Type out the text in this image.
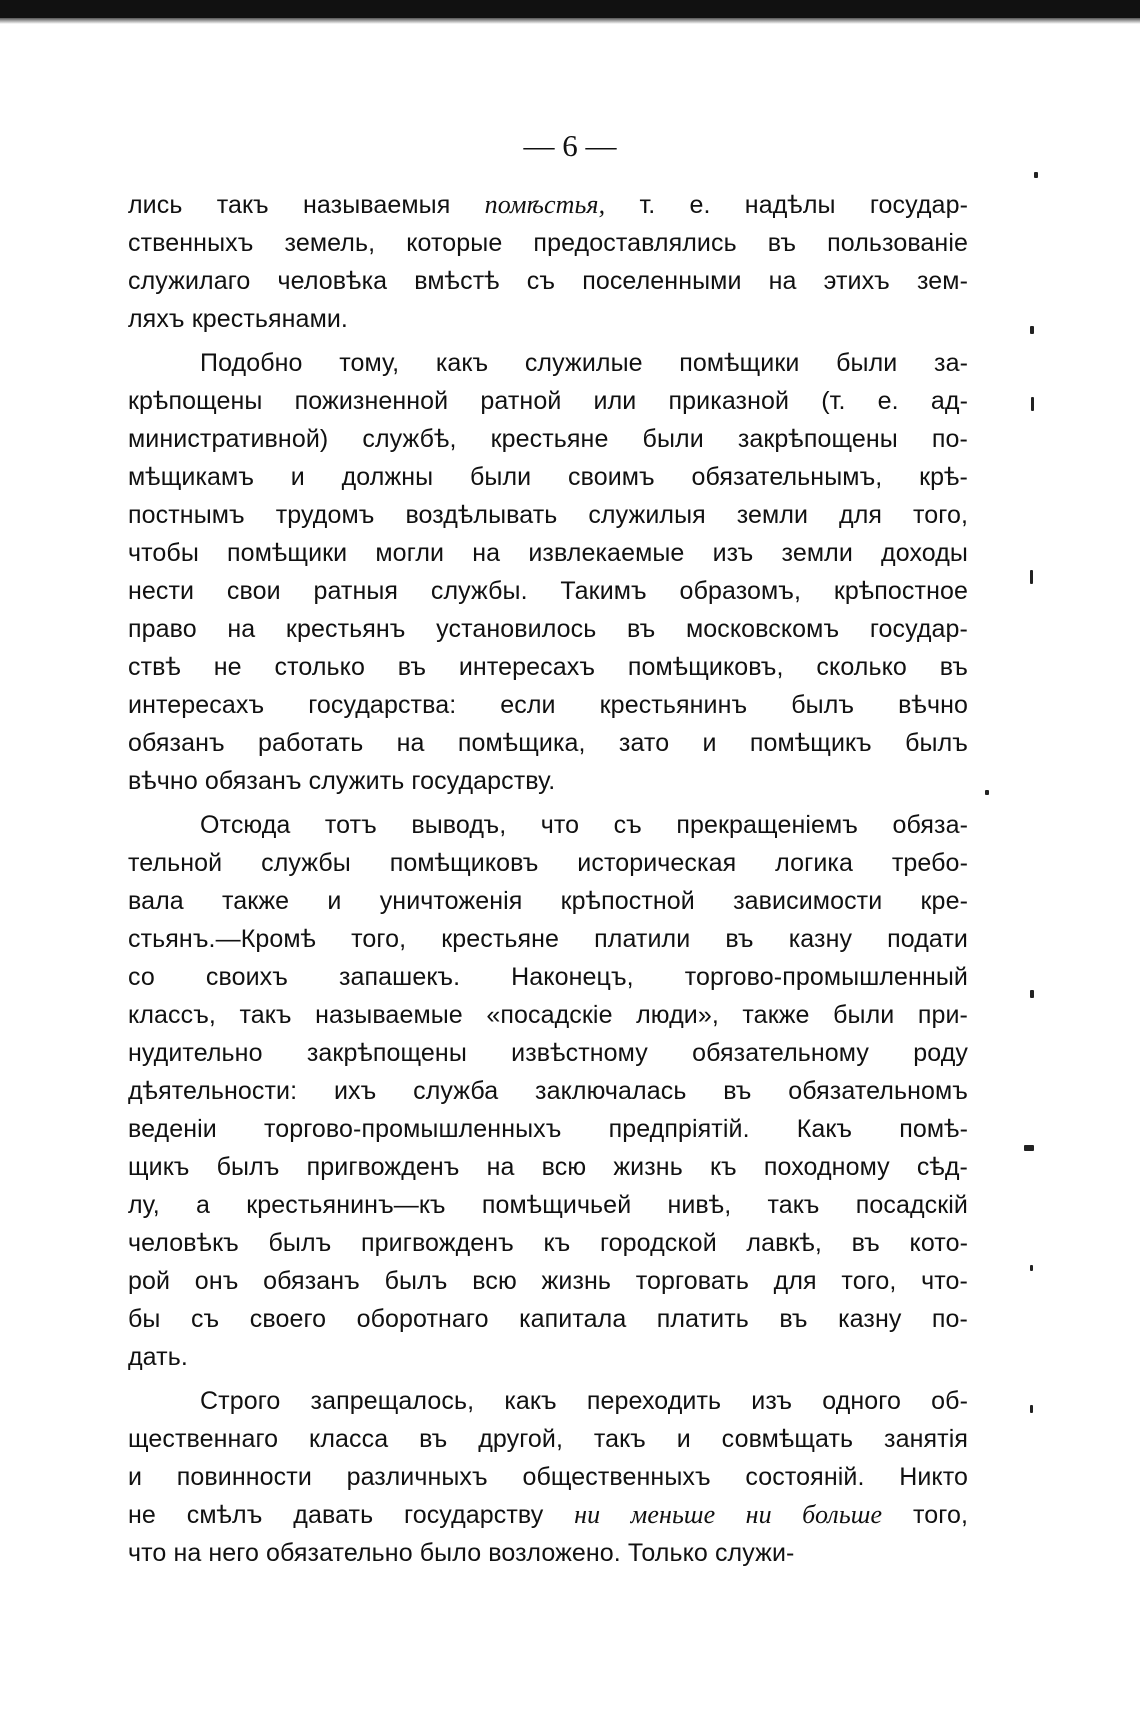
— 6 —
лись такъ называемыя помѣстья, т. е. надѣлы государ-
ственныхъ земель, которые предоставлялись въ пользованіе
служилаго человѣка вмѣстѣ съ поселенными на этихъ зем-
ляхъ крестьянами.
Подобно тому, какъ служилые помѣщики были за-
крѣпощены пожизненной ратной или приказной (т. е. ад-
министративной) службѣ, крестьяне были закрѣпощены по-
мѣщикамъ и должны были своимъ обязательнымъ, крѣ-
постнымъ трудомъ воздѣлывать служилыя земли для того,
чтобы помѣщики могли на извлекаемые изъ земли доходы
нести свои ратныя службы. Такимъ образомъ, крѣпостное
право на крестьянъ установилось въ московскомъ государ-
ствѣ не столько въ интересахъ помѣщиковъ, сколько въ
интересахъ государства: если крестьянинъ былъ вѣчно
обязанъ работать на помѣщика, зато и помѣщикъ былъ
вѣчно обязанъ служить государству.
Отсюда тотъ выводъ, что съ прекращеніемъ обяза-
тельной службы помѣщиковъ историческая логика требо-
вала также и уничтоженія крѣпостной зависимости кре-
стьянъ.—Кромѣ того, крестьяне платили въ казну подати
со своихъ запашекъ. Наконецъ, торгово-промышленный
классъ, такъ называемые «посадскіе люди», также были при-
нудительно закрѣпощены извѣстному обязательному роду
дѣятельности: ихъ служба заключалась въ обязательномъ
веденіи торгово-промышленныхъ предпріятій. Какъ помѣ-
щикъ былъ пригвожденъ на всю жизнь къ походному сѣд-
лу, а крестьянинъ—къ помѣщичьей нивѣ, такъ посадскій
человѣкъ былъ пригвожденъ къ городской лавкѣ, въ кото-
рой онъ обязанъ былъ всю жизнь торговать для того, что-
бы съ своего оборотнаго капитала платить въ казну по-
дать.
Строго запрещалось, какъ переходить изъ одного об-
щественнаго класса въ другой, такъ и совмѣщать занятія
и повинности различныхъ общественныхъ состояній. Никто
не смѣлъ давать государству ни меньше ни больше того,
что на него обязательно было возложено. Только служи-
